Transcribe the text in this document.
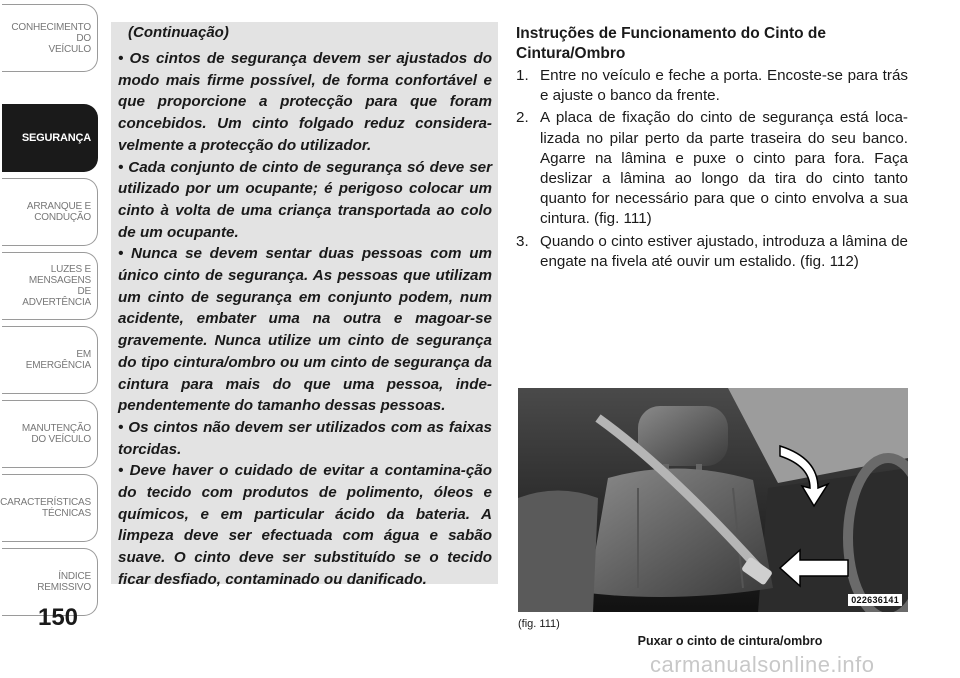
CONHECIMENTO
DO
VEÍCULO
SEGURANÇA
ARRANQUE E
CONDUÇÃO
LUZES E
MENSAGENS
DE
ADVERTÊNCIA
EM
EMERGÊNCIA
MANUTENÇÃO
DO VEÍCULO
CARACTERÍSTICAS
TÉCNICAS
ÍNDICE
REMISSIVO
150
(Continuação)

• Os cintos de segurança devem ser ajustados do modo mais firme possível, de forma confortável e que proporcione a protecção para que foram concebidos. Um cinto folgado reduz considera-velmente a protecção do utilizador.

• Cada conjunto de cinto de segurança só deve ser utilizado por um ocupante; é perigoso colocar um cinto à volta de uma criança transportada ao colo de um ocupante.

• Nunca se devem sentar duas pessoas com um único cinto de segurança. As pessoas que utilizam um cinto de segurança em conjunto podem, num acidente, embater uma na outra e magoar-se gravemente. Nunca utilize um cinto de segurança do tipo cintura/ombro ou um cinto de segurança da cintura para mais do que uma pessoa, inde-pendentemente do tamanho dessas pessoas.

• Os cintos não devem ser utilizados com as faixas torcidas.

• Deve haver o cuidado de evitar a contamina-ção do tecido com produtos de polimento, óleos e químicos, e em particular ácido da bateria. A limpeza deve ser efectuada com água e sabão suave. O cinto deve ser substituído se o tecido ficar desfiado, contaminado ou danificado.

Instruções de Funcionamento do Cinto de Cintura/Ombro
1. Entre no veículo e feche a porta. Encoste-se para trás e ajuste o banco da frente.
2. A placa de fixação do cinto de segurança está loca-lizada no pilar perto da parte traseira do seu banco. Agarre na lâmina e puxe o cinto para fora. Faça deslizar a lâmina ao longo da tira do cinto tanto quanto for necessário para que o cinto envolva a sua cintura. (fig. 111)
3. Quando o cinto estiver ajustado, introduza a lâmina de engate na fivela até ouvir um estalido. (fig. 112)
022636141
(fig. 111)
Puxar o cinto de cintura/ombro
carmanualsonline.info
